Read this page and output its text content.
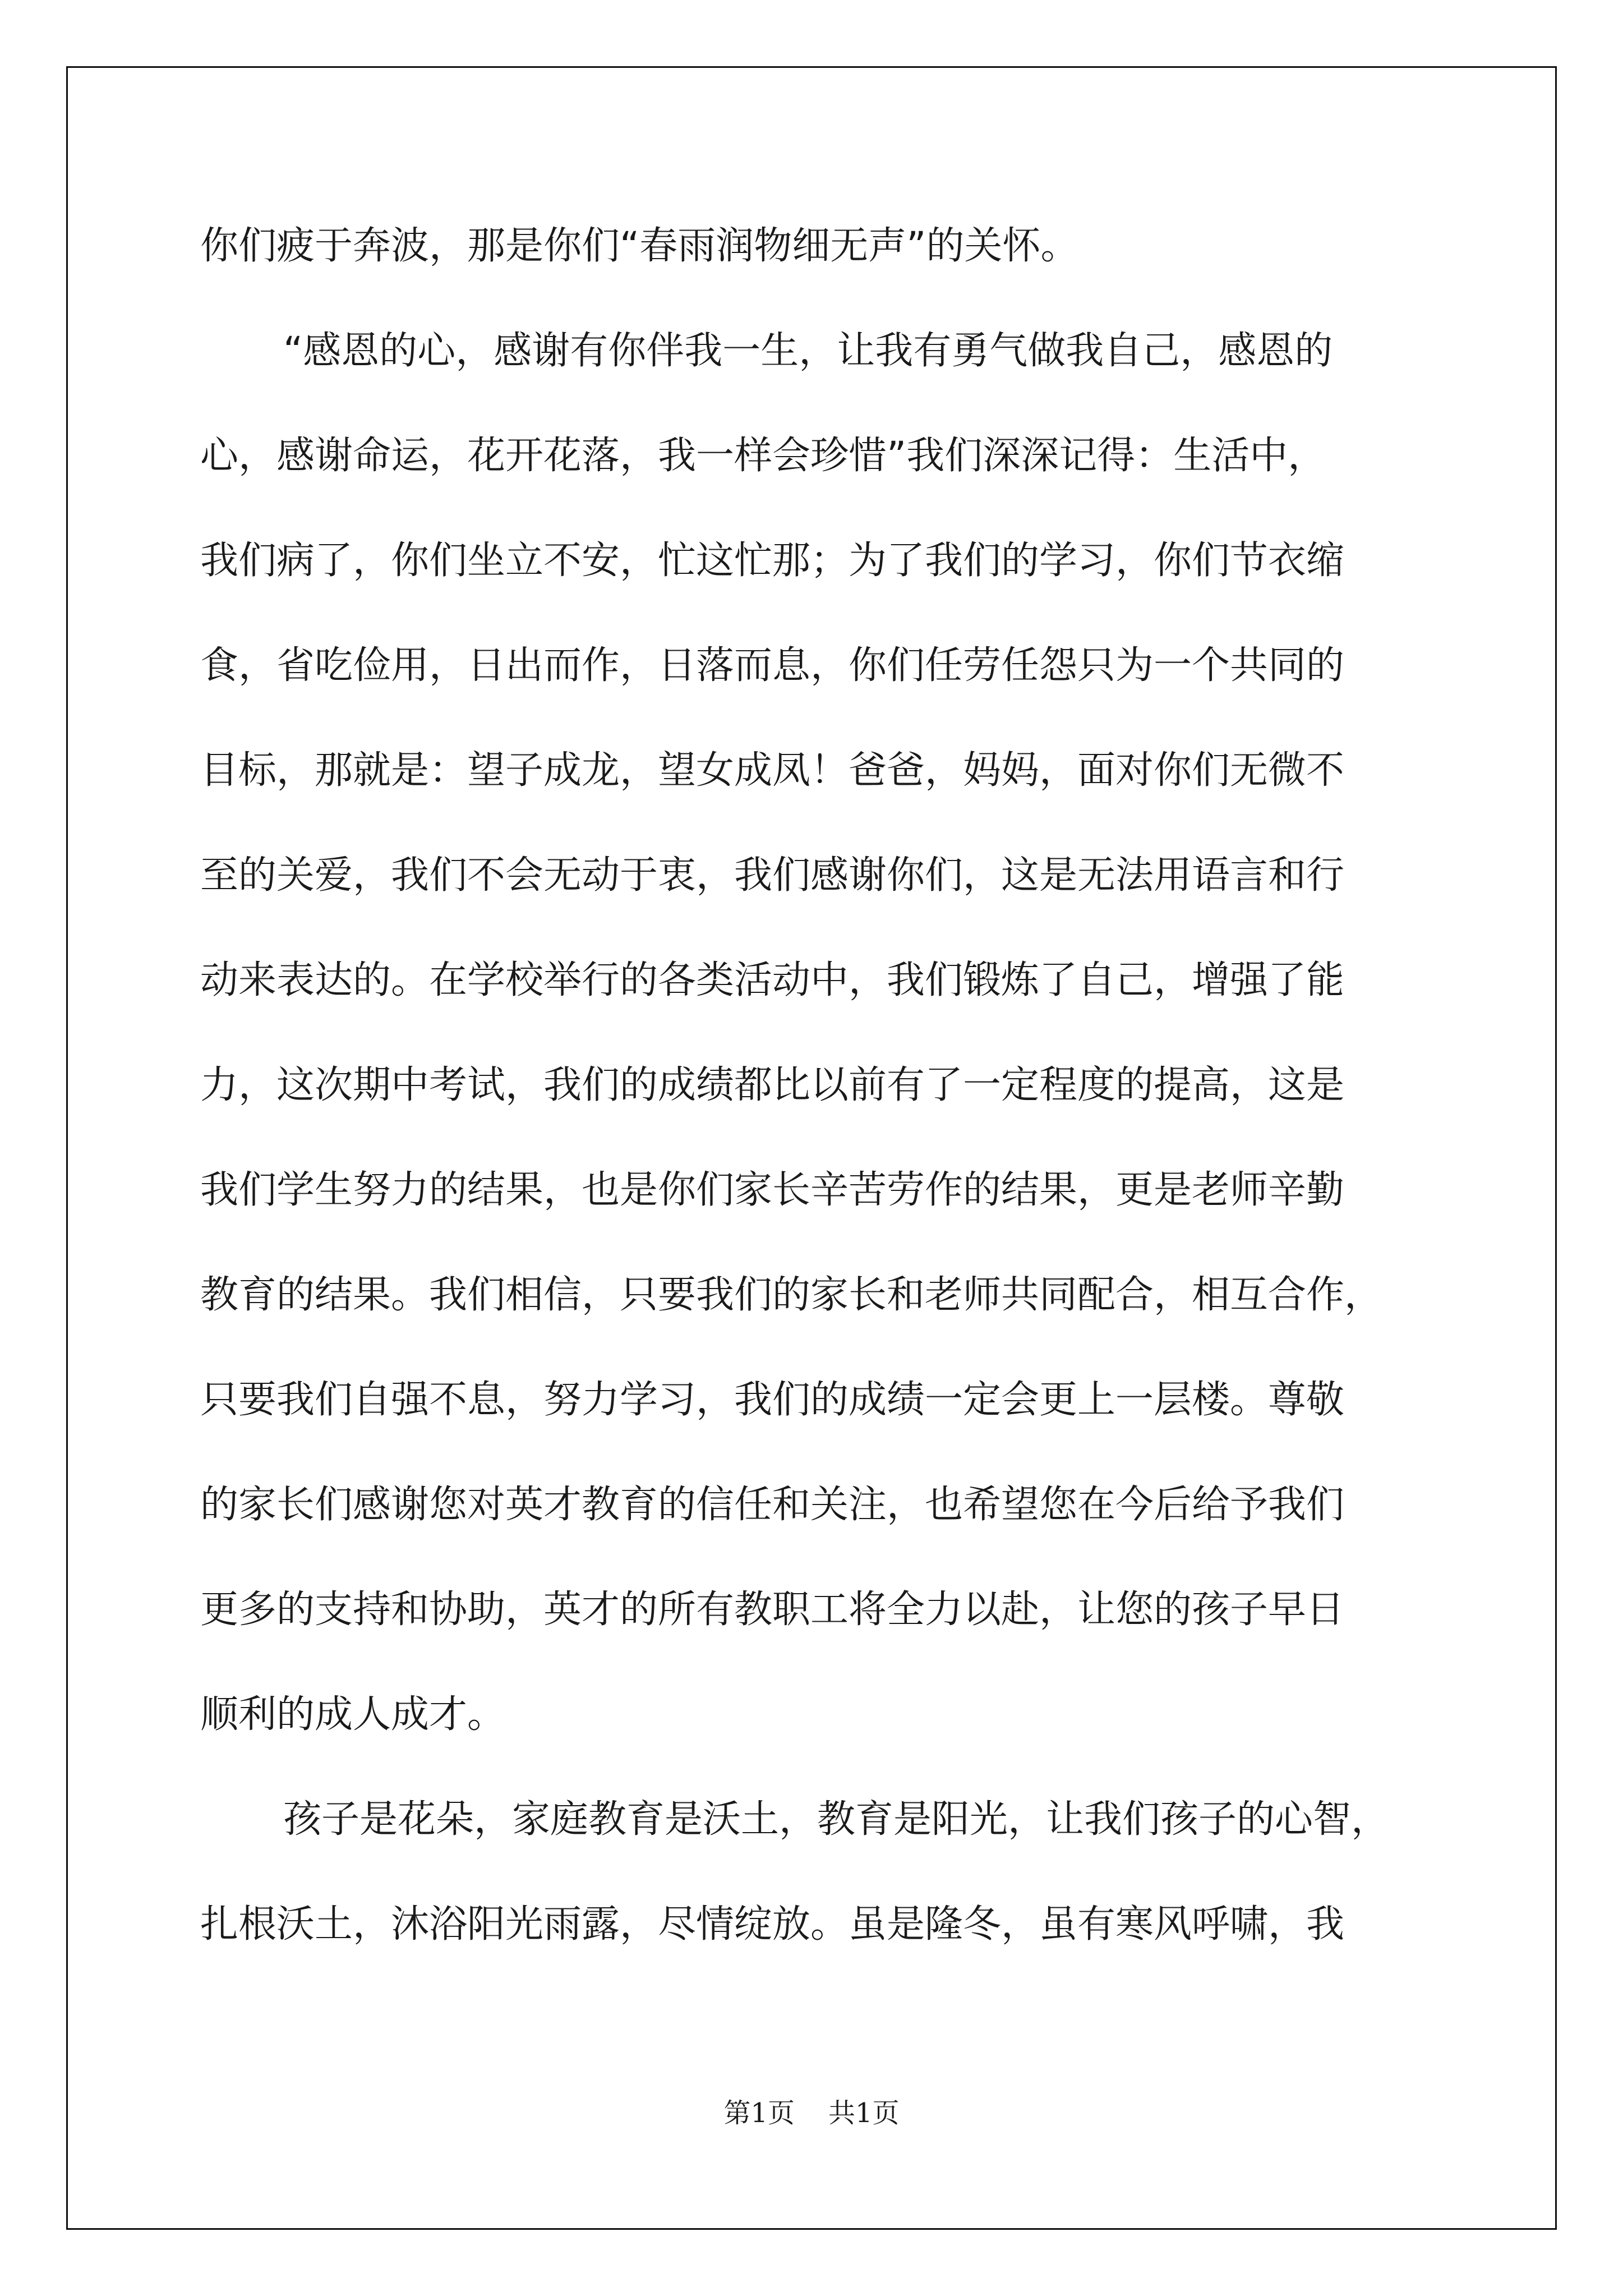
你们疲于奔波，那是你们“春雨润物细无声”的关怀。
“感恩的心，感谢有你伴我一生，让我有勇气做我自己，感恩的
心，感谢命运，花开花落，我一样会珍惜”我们深深记得：生活中，
我们病了，你们坐立不安，忙这忙那；为了我们的学习，你们节衣缩
食，省吃俭用，日出而作，日落而息，你们任劳任怨只为一个共同的
目标，那就是：望子成龙，望女成凤！爸爸，妈妈，面对你们无微不
至的关爱，我们不会无动于衷，我们感谢你们，这是无法用语言和行
动来表达的。在学校举行的各类活动中，我们锻炼了自己，增强了能
力，这次期中考试，我们的成绩都比以前有了一定程度的提高，这是
我们学生努力的结果，也是你们家长辛苦劳作的结果，更是老师辛勤
教育的结果。我们相信，只要我们的家长和老师共同配合，相互合作，
只要我们自强不息，努力学习，我们的成绩一定会更上一层楼。尊敬
的家长们感谢您对英才教育的信任和关注，也希望您在今后给予我们
更多的支持和协助，英才的所有教职工将全力以赴，让您的孩子早日
顺利的成人成才。
孩子是花朵，家庭教育是沃土，教育是阳光，让我们孩子的心智，
扎根沃土，沐浴阳光雨露，尽情绽放。虽是隆冬，虽有寒风呼啸，我
第1页 共1页
